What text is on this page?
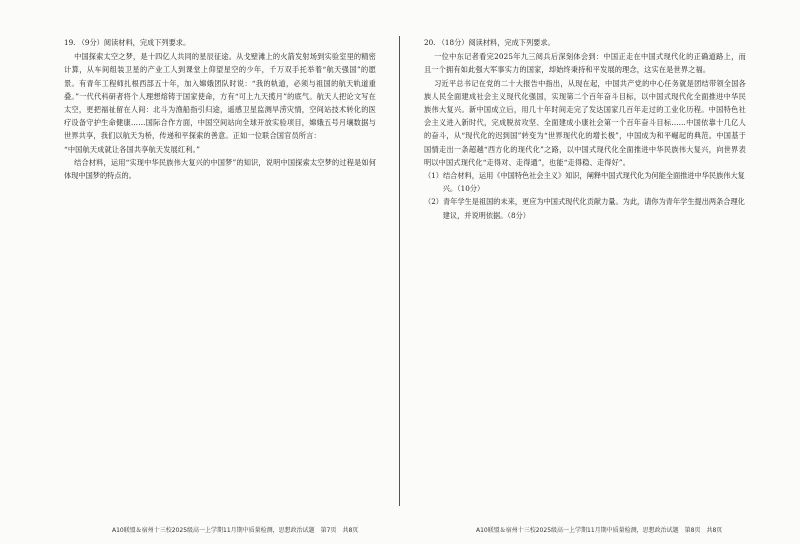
19. （9分）阅读材料，完成下列要求。

中国探索太空之梦，是十四亿人共同的星辰征途。从戈壁滩上的火箭发射场到实验室里的精密计算，从车间组装卫星的产业工人到课堂上仰望星空的少年，千万双手托举着“航天强国”的愿景。有青年工程师扎根西部五十年，加入嫦娥团队时说：“我的轨道，必须与祖国的航天轨道重叠。”一代代科研者将个人理想熔铸于国家使命，方有“可上九天揽月”的底气。航天人把论文写在太空，更把福祉留在人间：北斗为渔船指引归途，遥感卫星监测旱涝灾情，空间站技术转化的医疗设备守护生命健康……国际合作方面，中国空间站向全球开放实验项目，嫦娥五号月壤数据与世界共享，我们以航天为桥，传递和平探索的善意。正如一位联合国官员所言：

“中国航天成就让各国共享航天发展红利。”

结合材料，运用“实现中华民族伟大复兴的中国梦”的知识，说明中国探索太空梦的过程是如何体现中国梦的特点的。

A10联盟＆宿州十三校2025级高一上学期11月期中质量检测，思想政治试题　第7页　共8页
20. （18分）阅读材料，完成下列要求。

一位中东记者看完2025年九三阅兵后深刻体会到：中国正走在中国式现代化的正确道路上，而且一个拥有如此强大军事实力的国家，却始终秉持和平发展的理念，这实在是世界之福。

习近平总书记在党的二十大报告中指出，从现在起，中国共产党的中心任务就是团结带领全国各族人民全面建成社会主义现代化强国，实现第二个百年奋斗目标，以中国式现代化全面推进中华民族伟大复兴。新中国成立后，用几十年时间走完了发达国家几百年走过的工业化历程。中国特色社会主义进入新时代，完成脱贫攻坚、全面建成小康社会第一个百年奋斗目标……中国依靠十几亿人的奋斗，从“现代化的迟到国”转变为“世界现代化的增长极”，中国成为和平崛起的典范。中国基于国情走出一条超越“西方化的现代化”之路，以中国式现代化全面推进中华民族伟大复兴，向世界表明以中国式现代化“走得对、走得通”，也能“走得稳、走得好”。

（1）结合材料，运用《中国特色社会主义》知识，阐释中国式现代化为何能全面推进中华民族伟大复兴。（10分）

（2）青年学生是祖国的未来，更应为中国式现代化贡献力量。为此，请你为青年学生提出两条合理化建议，并说明依据。（8分）

A10联盟＆宿州十三校2025级高一上学期11月期中质量检测，思想政治试题　第8页　共8页
